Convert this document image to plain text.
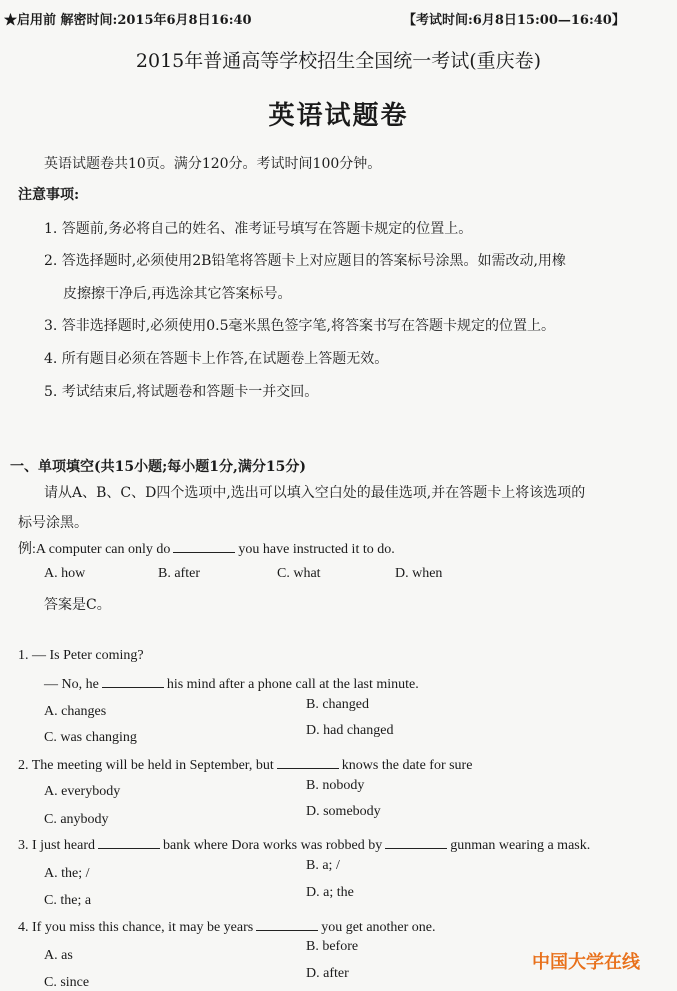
★启用前 解密时间:2015年6月8日16:40	【考试时间:6月8日15:00—16:40】
2015年普通高等学校招生全国统一考试(重庆卷)
英语试题卷
英语试题卷共10页。满分120分。考试时间100分钟。
注意事项:
1. 答题前,务必将自己的姓名、准考证号填写在答题卡规定的位置上。
2. 答选择题时,必须使用2B铅笔将答题卡上对应题目的答案标号涂黑。如需改动,用橡
皮擦擦干净后,再选涂其它答案标号。
3. 答非选择题时,必须使用0.5毫米黑色签字笔,将答案书写在答题卡规定的位置上。
4. 所有题目必须在答题卡上作答,在试题卷上答题无效。
5. 考试结束后,将试题卷和答题卡一并交回。
一、单项填空(共15小题;每小题1分,满分15分)
请从A、B、C、D四个选项中,选出可以填入空白处的最佳选项,并在答题卡上将该选项的
标号涂黑。
例:A computer can only do	you have instructed it to do.
A. how	B. after	C. what	D. when
答案是C。
1. — Is Peter coming?
— No, he	his mind after a phone call at the last minute.
A. changes	B. changed
C. was changing	D. had changed
2. The meeting will be held in September, but	knows the date for sure
A. everybody	B. nobody
C. anybody
D. somebody
3. I just heard	bank where Dora works was robbed by	gunman wearing a mask.
A. the; /
B. a; /
C. the; a
D. a; the
4. If you miss this chance, it may be years	you get another one.
A. as
B. before
C. since
D. after
中国大学在线
